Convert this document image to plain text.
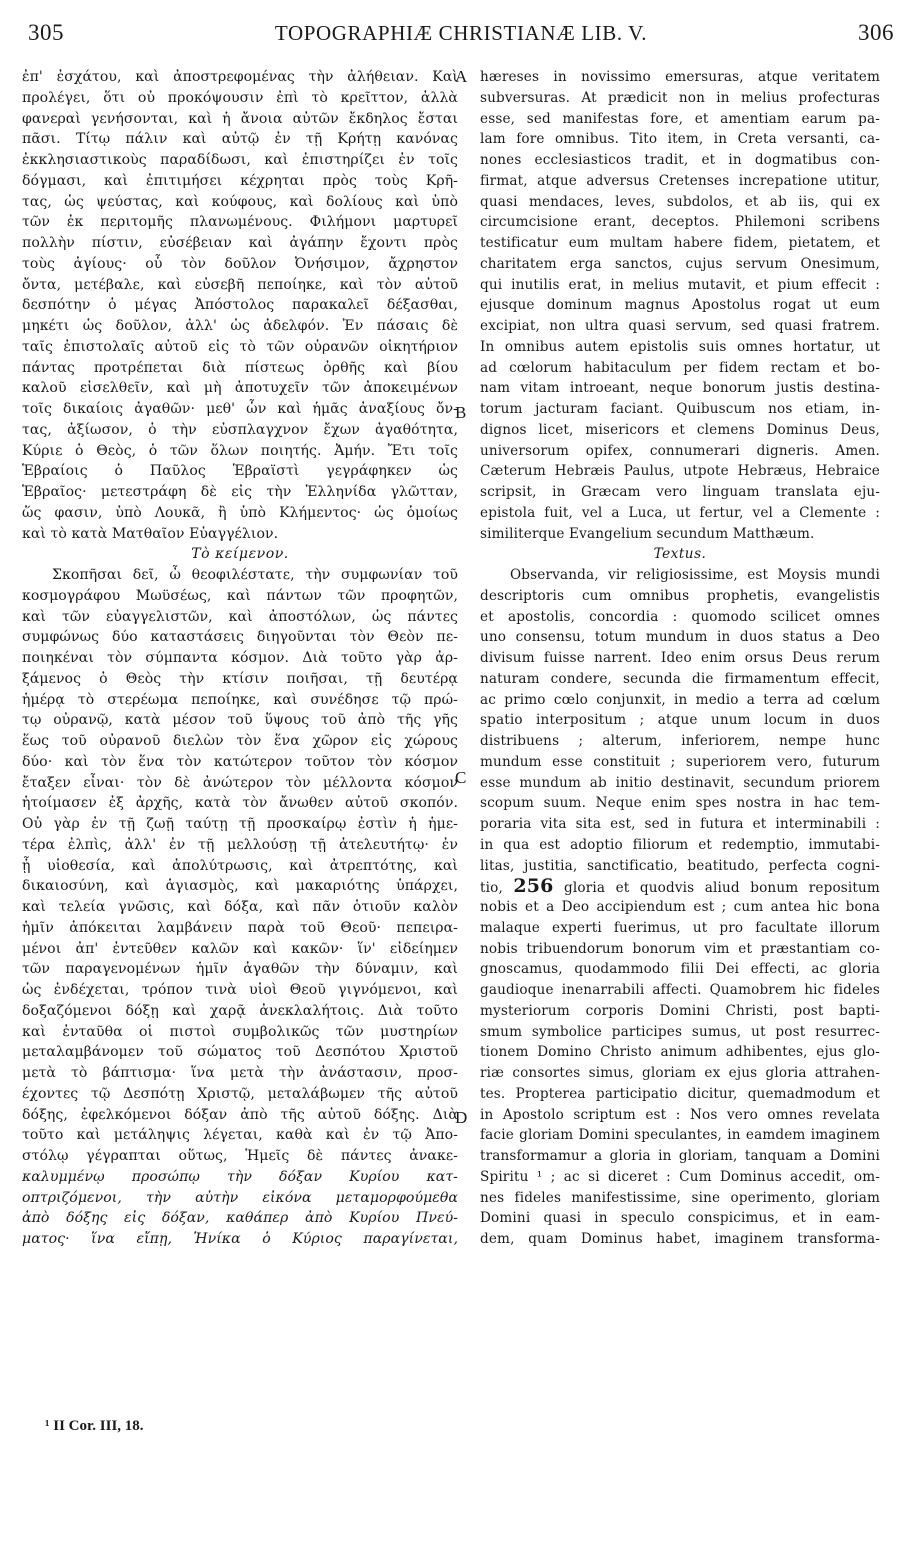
305	TOPOGRAPHIÆ CHRISTIANÆ LIB. V.	306
A
B
C
D
ἐπ' ἐσχάτου, καὶ ἀποστρεφομένας τὴν ἀλήθειαν. Καὶ
προλέγει, ὅτι οὐ προκόψουσιν ἐπὶ τὸ κρεῖττον, ἀλλὰ
φανεραὶ γενήσονται, καὶ ἡ ἄνοια αὐτῶν ἔκδηλος ἔσται
πᾶσι. Τίτῳ πάλιν καὶ αὐτῷ ἐν τῇ Κρήτῃ κανόνας
ἐκκλησιαστικοὺς παραδίδωσι, καὶ ἐπιστηρίζει ἐν τοῖς
δόγμασι, καὶ ἐπιτιμήσει κέχρηται πρὸς τοὺς Κρῆ-
τας, ὡς ψεύστας, καὶ κούφους, καὶ δολίους καὶ ὑπὸ
τῶν ἐκ περιτομῆς πλανωμένους. Φιλήμονι μαρτυρεῖ
πολλὴν πίστιν, εὐσέβειαν καὶ ἀγάπην ἔχοντι πρὸς
τοὺς ἁγίους· οὗ τὸν δοῦλον Ὀνήσιμον, ἄχρηστον
ὄντα, μετέβαλε, καὶ εὐσεβῆ πεποίηκε, καὶ τὸν αὐτοῦ
δεσπότην ὁ μέγας Ἀπόστολος παρακαλεῖ δέξασθαι,
μηκέτι ὡς δοῦλον, ἀλλ' ὡς ἀδελφόν. Ἐν πάσαις δὲ
ταῖς ἐπιστολαῖς αὐτοῦ εἰς τὸ τῶν οὐρανῶν οἰκητήριον
πάντας προτρέπεται διὰ πίστεως ὀρθῆς καὶ βίου
καλοῦ εἰσελθεῖν, καὶ μὴ ἀποτυχεῖν τῶν ἀποκειμένων
τοῖς δικαίοις ἀγαθῶν· μεθ' ὧν καὶ ἡμᾶς ἀναξίους ὄν-
τας, ἀξίωσον, ὁ τὴν εὐσπλαγχνον ἔχων ἀγαθότητα,
Κύριε ὁ Θεὸς, ὁ τῶν ὅλων ποιητής. Ἀμήν. Ἔτι τοῖς
Ἑβραίοις ὁ Παῦλος Ἑβραϊστὶ γεγράφηκεν ὡς
Ἑβραῖος· μετεστράφη δὲ εἰς τὴν Ἑλληνίδα γλῶτταν,
ὥς φασιν, ὑπὸ Λουκᾶ, ἢ ὑπὸ Κλήμεντος· ὡς ὁμοίως
καὶ τὸ κατὰ Ματθαῖον Εὐαγγέλιον.
Τὸ κείμενον.
Σκοπῆσαι δεῖ, ὦ θεοφιλέστατε, τὴν συμφωνίαν τοῦ
κοσμογράφου Μωϋσέως, καὶ πάντων τῶν προφητῶν,
καὶ τῶν εὐαγγελιστῶν, καὶ ἀποστόλων, ὡς πάντες
συμφώνως δύο καταστάσεις διηγοῦνται τὸν Θεὸν πε-
ποιηκέναι τὸν σύμπαντα κόσμον. Διὰ τοῦτο γὰρ ἀρ-
ξάμενος ὁ Θεὸς τὴν κτίσιν ποιῆσαι, τῇ δευτέρᾳ
ἡμέρᾳ τὸ στερέωμα πεποίηκε, καὶ συνέδησε τῷ πρώ-
τῳ οὐρανῷ, κατὰ μέσον τοῦ ὕψους τοῦ ἀπὸ τῆς γῆς
ἕως τοῦ οὐρανοῦ διελὼν τὸν ἕνα χῶρον εἰς χώρους
δύο· καὶ τὸν ἕνα τὸν κατώτερον τοῦτον τὸν κόσμον
ἔταξεν εἶναι· τὸν δὲ ἀνώτερον τὸν μέλλοντα κόσμον
ἡτοίμασεν ἐξ ἀρχῆς, κατὰ τὸν ἄνωθεν αὐτοῦ σκοπόν.
Οὐ γὰρ ἐν τῇ ζωῇ ταύτῃ τῇ προσκαίρῳ ἐστὶν ἡ ἡμε-
τέρα ἐλπὶς, ἀλλ' ἐν τῇ μελλούσῃ τῇ ἀτελευτήτῳ· ἐν
ᾗ υἱοθεσία, καὶ ἀπολύτρωσις, καὶ ἀτρεπτότης, καὶ
δικαιοσύνη, καὶ ἁγιασμὸς, καὶ μακαριότης ὑπάρχει,
καὶ τελεία γνῶσις, καὶ δόξα, καὶ πᾶν ὁτιοῦν καλὸν
ἡμῖν ἀπόκειται λαμβάνειν παρὰ τοῦ Θεοῦ· πεπειρα-
μένοι ἀπ' ἐντεῦθεν καλῶν καὶ κακῶν· ἵν' εἰδείημεν
τῶν παραγενομένων ἡμῖν ἀγαθῶν τὴν δύναμιν, καὶ
ὡς ἐνδέχεται, τρόπον τινὰ υἱοὶ Θεοῦ γιγνόμενοι, καὶ
δοξαζόμενοι δόξῃ καὶ χαρᾷ ἀνεκλαλήτοις. Διὰ τοῦτο
καὶ ἐνταῦθα οἱ πιστοὶ συμβολικῶς τῶν μυστηρίων
μεταλαμβάνομεν τοῦ σώματος τοῦ Δεσπότου Χριστοῦ
μετὰ τὸ βάπτισμα· ἵνα μετὰ τὴν ἀνάστασιν, προσ-
έχοντες τῷ Δεσπότῃ Χριστῷ, μεταλάβωμεν τῆς αὐτοῦ
δόξης, ἐφελκόμενοι δόξαν ἀπὸ τῆς αὐτοῦ δόξης. Διὰ
τοῦτο καὶ μετάληψις λέγεται, καθὰ καὶ ἐν τῷ Ἀπο-
στόλῳ γέγραπται οὕτως, Ἡμεῖς δὲ πάντες ἀνακε-
καλυμμένῳ προσώπῳ τὴν δόξαν Κυρίου κατ-
οπτριζόμενοι, τὴν αὐτὴν εἰκόνα μεταμορφούμεθα
ἀπὸ δόξης εἰς δόξαν, καθάπερ ἀπὸ Κυρίου Πνεύ-
ματος· ἵνα εἴπῃ, Ἡνίκα ὁ Κύριος παραγίνεται,
hæreses in novissimo emersuras, atque veritatem
subversuras. At prædicit non in melius profecturas
esse, sed manifestas fore, et amentiam earum pa-
lam fore omnibus. Tito item, in Creta versanti, ca-
nones ecclesiasticos tradit, et in dogmatibus con-
firmat, atque adversus Cretenses increpatione utitur,
quasi mendaces, leves, subdolos, et ab iis, qui ex
circumcisione erant, deceptos. Philemoni scribens
testificatur eum multam habere fidem, pietatem, et
charitatem erga sanctos, cujus servum Onesimum,
qui inutilis erat, in melius mutavit, et pium effecit :
ejusque dominum magnus Apostolus rogat ut eum
excipiat, non ultra quasi servum, sed quasi fratrem.
In omnibus autem epistolis suis omnes hortatur, ut
ad cœlorum habitaculum per fidem rectam et bo-
nam vitam introeant, neque bonorum justis destina-
torum jacturam faciant. Quibuscum nos etiam, in-
dignos licet, misericors et clemens Dominus Deus,
universorum opifex, connumerari digneris. Amen.
Cæterum Hebræis Paulus, utpote Hebræus, Hebraice
scripsit, in Græcam vero linguam translata eju-
epistola fuit, vel a Luca, ut fertur, vel a Clemente :
similiterque Evangelium secundum Matthæum.
Textus.
Observanda, vir religiosissime, est Moysis mundi
descriptoris cum omnibus prophetis, evangelistis
et apostolis, concordia : quomodo scilicet omnes
uno consensu, totum mundum in duos status a Deo
divisum fuisse narrent. Ideo enim orsus Deus rerum
naturam condere, secunda die firmamentum effecit,
ac primo cœlo conjunxit, in medio a terra ad cœlum
spatio interpositum ; atque unum locum in duos
distribuens ; alterum, inferiorem, nempe hunc
mundum esse constituit ; superiorem vero, futurum
esse mundum ab initio destinavit, secundum priorem
scopum suum. Neque enim spes nostra in hac tem-
poraria vita sita est, sed in futura et interminabili :
in qua est adoptio filiorum et redemptio, immutabi-
litas, justitia, sanctificatio, beatitudo, perfecta cogni-
tio, 256 gloria et quodvis aliud bonum repositum
nobis et a Deo accipiendum est ; cum antea hic bona
malaque experti fuerimus, ut pro facultate illorum
nobis tribuendorum bonorum vim et præstantiam co-
gnoscamus, quodammodo filii Dei effecti, ac gloria
gaudioque inenarrabili affecti. Quamobrem hic fideles
mysteriorum corporis Domini Christi, post bapti-
smum symbolice participes sumus, ut post resurrec-
tionem Domino Christo animum adhibentes, ejus glo-
riæ consortes simus, gloriam ex ejus gloria attrahen-
tes. Propterea participatio dicitur, quemadmodum et
in Apostolo scriptum est : Nos vero omnes revelata
facie gloriam Domini speculantes, in eamdem imaginem
transformamur a gloria in gloriam, tanquam a Domini
Spiritu ¹ ; ac si diceret : Cum Dominus accedit, om-
nes fideles manifestissime, sine operimento, gloriam
Domini quasi in speculo conspicimus, et in eam-
dem, quam Dominus habet, imaginem transforma-
¹ II Cor. III, 18.
